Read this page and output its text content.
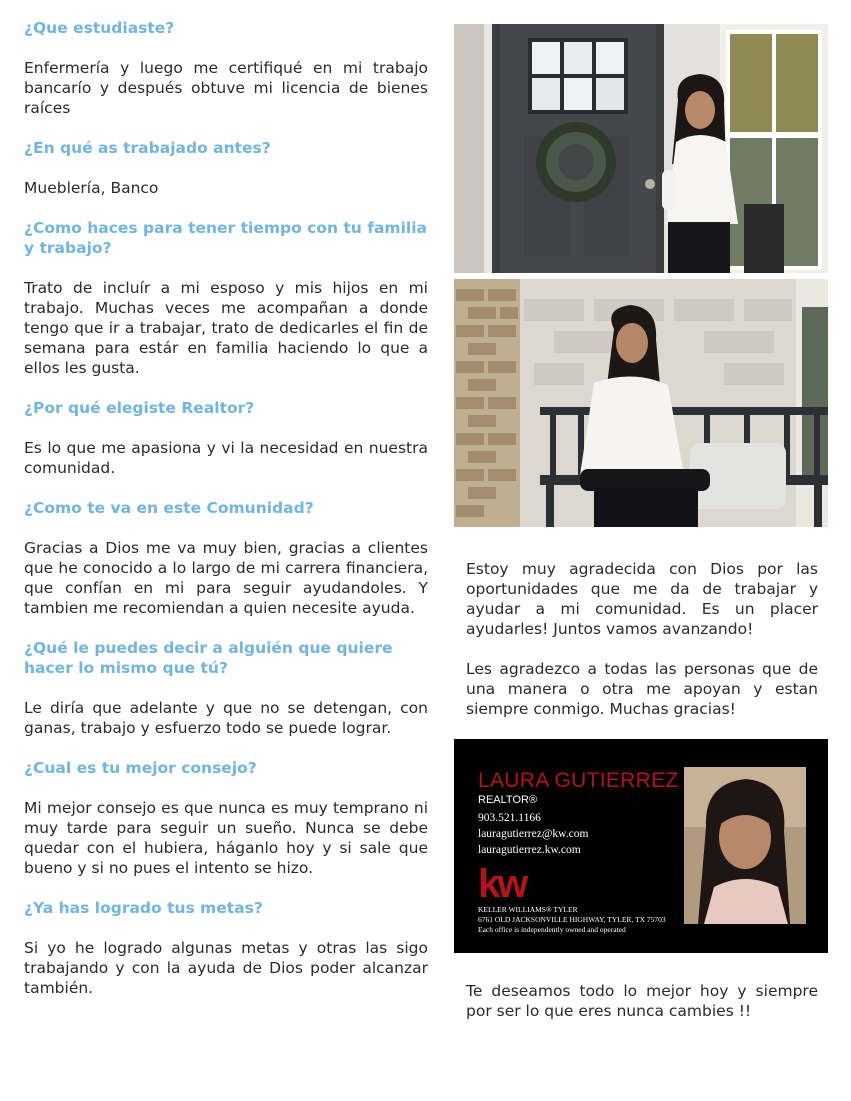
¿Que estudiaste?
Enfermería y luego me certifiqué en mi trabajo bancarío y después obtuve mi licencia de bienes raíces
¿En qué as trabajado antes?
Mueblería, Banco
¿Como haces para tener tiempo con tu familia y trabajo?
Trato de incluír a mi esposo y mis hijos en mi trabajo. Muchas veces me acompañan a donde tengo que ir a trabajar, trato de dedicarles el fin de semana para estár en familia haciendo lo que a ellos les gusta.
¿Por qué elegiste Realtor?
Es lo que me apasiona y vi la necesidad en nuestra comunidad.
¿Como te va en este Comunidad?
Gracias a Dios me va muy bien, gracias a clientes que he conocido a lo largo de mi carrera financiera, que confían en mi para seguir ayudandoles. Y tambien me recomiendan a quien necesite ayuda.
¿Qué le puedes decir a alguién que quiere hacer lo mismo que tú?
Le diría que adelante y que no se detengan, con ganas, trabajo y esfuerzo todo se puede lograr.
¿Cual es tu mejor consejo?
Mi mejor consejo es que nunca es muy temprano ni muy tarde para seguir un sueño. Nunca se debe quedar con el hubiera, háganlo hoy y si sale que bueno y si no pues el intento se hizo.
¿Ya has logrado tus metas?
Si yo he logrado algunas metas y otras las sigo trabajando y con la ayuda de Dios poder alcanzar también.

Estoy muy agradecida con Dios por las oportunidades que me da de trabajar y ayudar a mi comunidad. Es un placer ayudarles! Juntos vamos avanzando!

Les agradezco a todas las personas que de una manera o otra me apoyan y estan siempre conmigo. Muchas gracias!

LAURA GUTIERREZ
REALTOR®
903.521.1166
lauragutierrez@kw.com
lauragutierrez.kw.com
kw
KELLER WILLIAMS® TYLER
6761 OLD JACKSONVILLE HIGHWAY, TYLER, TX 75703
Each office is independently owned and operated

Te deseamos todo lo mejor hoy y siempre por ser lo que eres nunca cambies !!
